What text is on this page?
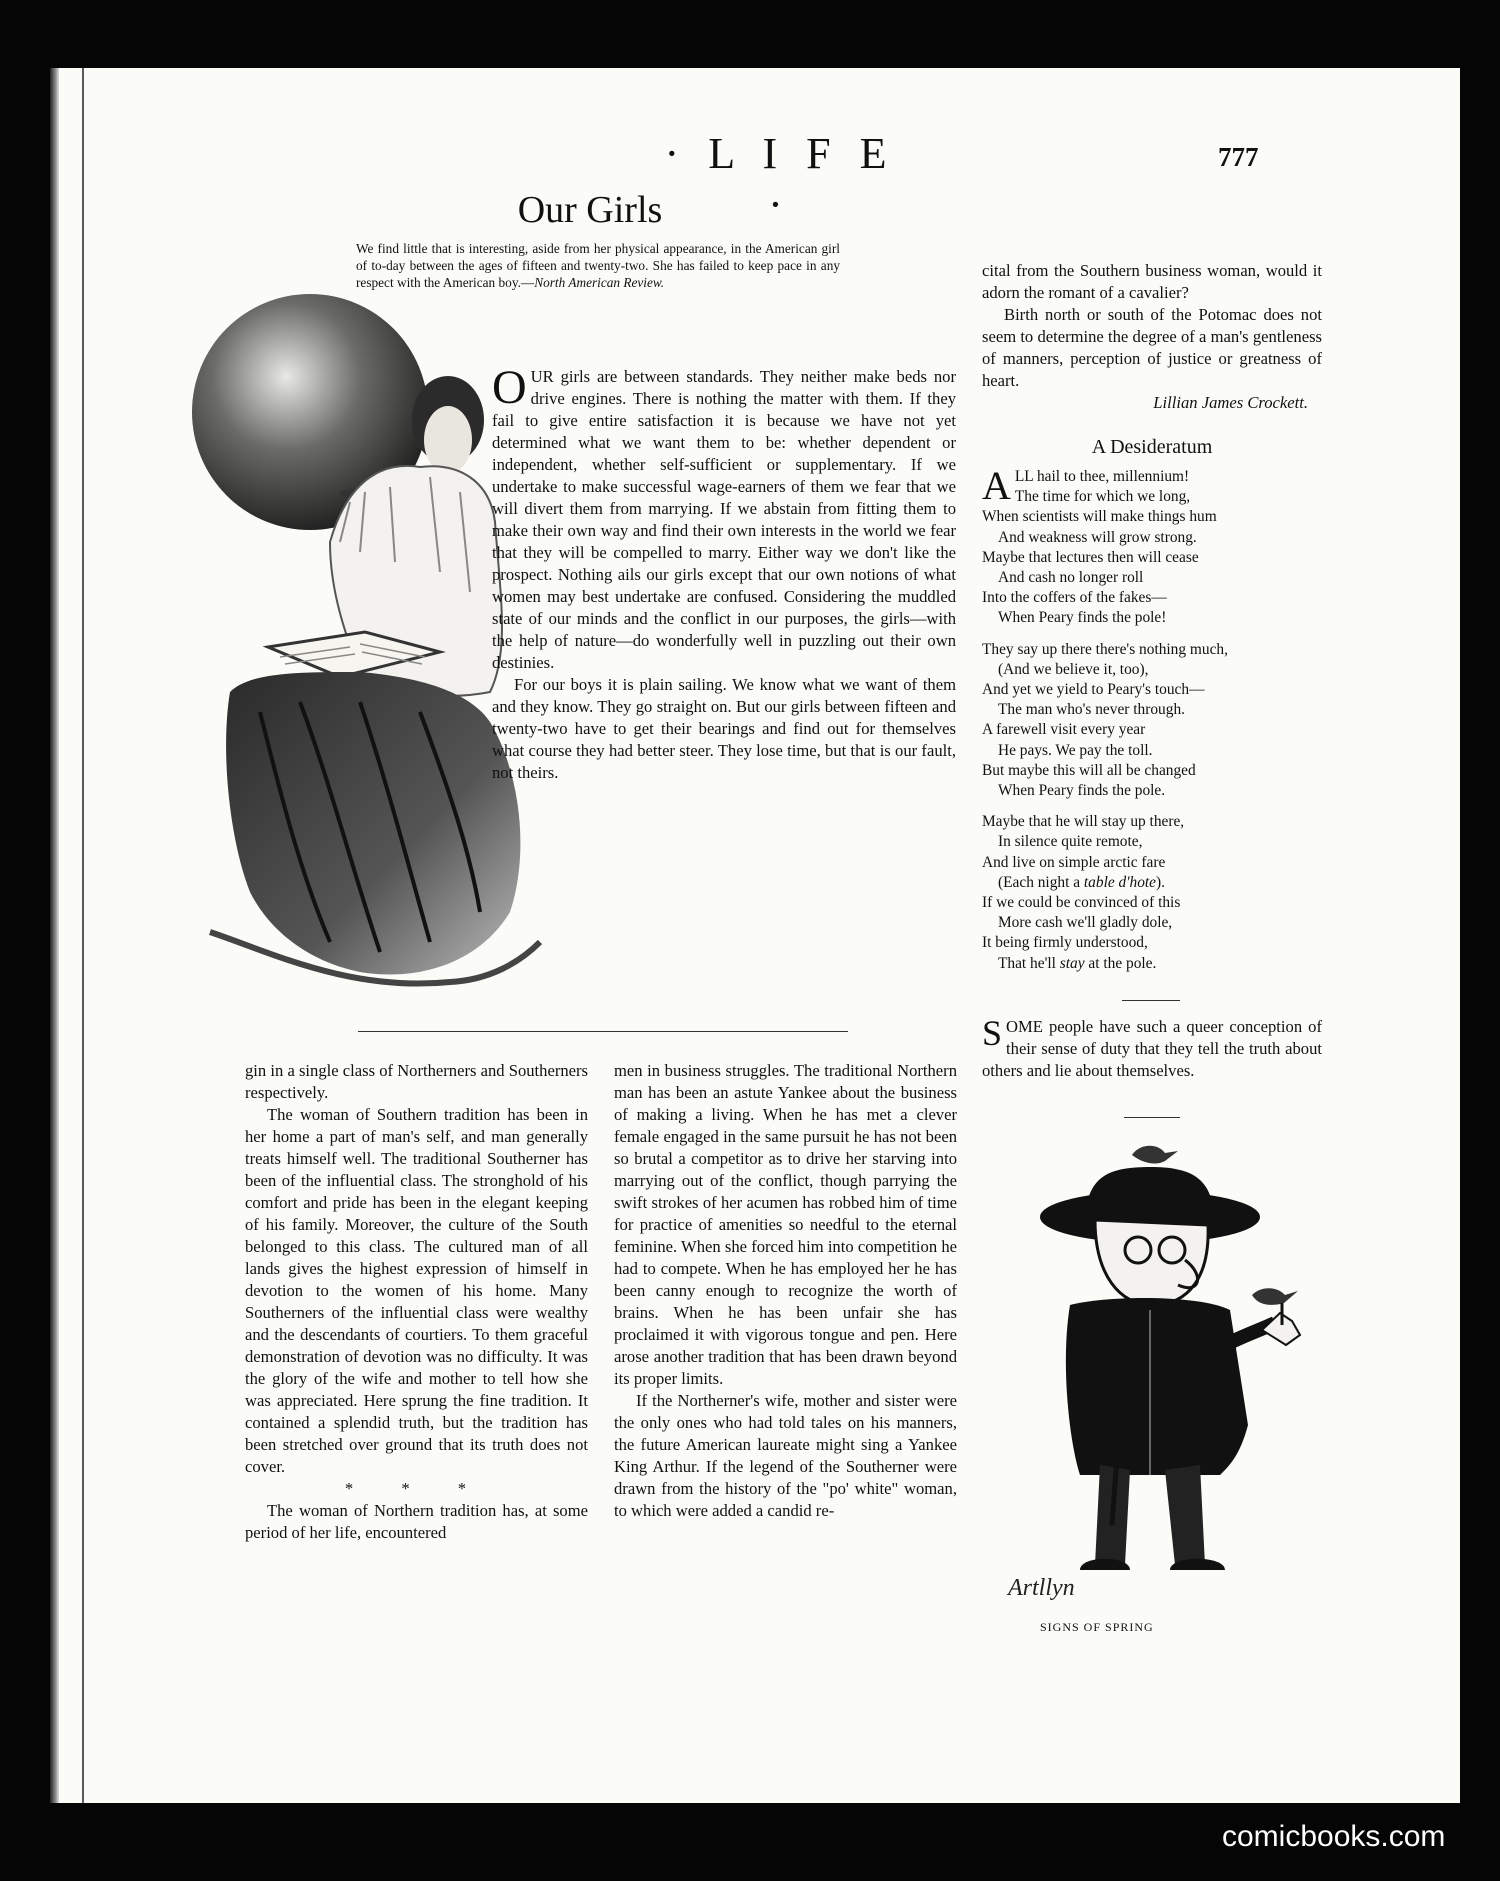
· L I F E ·
777
Our Girls
We find little that is interesting, aside from her physical appearance, in the American girl of to-day between the ages of fifteen and twenty-two. She has failed to keep pace in any respect with the American boy.—North American Review.

OUR girls are between standards. They neither make beds nor drive engines. There is nothing the matter with them. If they fail to give entire satisfaction it is because we have not yet determined what we want them to be: whether dependent or independent, whether self-sufficient or supplementary. If we undertake to make successful wage-earners of them we fear that we will divert them from marrying. If we abstain from fitting them to make their own way and find their own interests in the world we fear that they will be compelled to marry. Either way we don't like the prospect. Nothing ails our girls except that our own notions of what women may best undertake are confused. Considering the muddled state of our minds and the conflict in our purposes, the girls—with the help of nature—do wonderfully well in puzzling out their own destinies.

For our boys it is plain sailing. We know what we want of them and they know. They go straight on. But our girls between fifteen and twenty-two have to get their bearings and find out for themselves what course they had better steer. They lose time, but that is our fault, not theirs.

gin in a single class of Northerners and Southerners respectively.

The woman of Southern tradition has been in her home a part of man's self, and man generally treats himself well. The traditional Southerner has been of the influential class. The stronghold of his comfort and pride has been in the elegant keeping of his family. Moreover, the culture of the South belonged to this class. The cultured man of all lands gives the highest expression of himself in devotion to the women of his home. Many Southerners of the influential class were wealthy and the descendants of courtiers. To them graceful demonstration of devotion was no difficulty. It was the glory of the wife and mother to tell how she was appreciated. Here sprung the fine tradition. It contained a splendid truth, but the tradition has been stretched over ground that its truth does not cover.

* * *

The woman of Northern tradition has, at some period of her life, encountered

men in business struggles. The traditional Northern man has been an astute Yankee about the business of making a living. When he has met a clever female engaged in the same pursuit he has not been so brutal a competitor as to drive her starving into marrying out of the conflict, though parrying the swift strokes of her acumen has robbed him of time for practice of amenities so needful to the eternal feminine. When she forced him into competition he had to compete. When he has employed her he has been canny enough to recognize the worth of brains. When he has been unfair she has proclaimed it with vigorous tongue and pen. Here arose another tradition that has been drawn beyond its proper limits.

If the Northerner's wife, mother and sister were the only ones who had told tales on his manners, the future American laureate might sing a Yankee King Arthur. If the legend of the Southerner were drawn from the history of the "po' white" woman, to which were added a candid re-

cital from the Southern business woman, would it adorn the romant of a cavalier?

Birth north or south of the Potomac does not seem to determine the degree of a man's gentleness of manners, perception of justice or greatness of heart.

Lillian James Crockett.

A Desideratum

ALL hail to thee, millennium!
The time for which we long,
When scientists will make things hum
And weakness will grow strong.
Maybe that lectures then will cease
And cash no longer roll
Into the coffers of the fakes—
When Peary finds the pole!
They say up there there's nothing much,
(And we believe it, too),
And yet we yield to Peary's touch—
The man who's never through.
A farewell visit every year
He pays. We pay the toll.
But maybe this will all be changed
When Peary finds the pole.
Maybe that he will stay up there,
In silence quite remote,
And live on simple arctic fare
(Each night a table d'hote).
If we could be convinced of this
More cash we'll gladly dole,
It being firmly understood,
That he'll stay at the pole.

SOME people have such a queer conception of their sense of duty that they tell the truth about others and lie about themselves.

Artllyn
SIGNS OF SPRING
comicbooks.com
